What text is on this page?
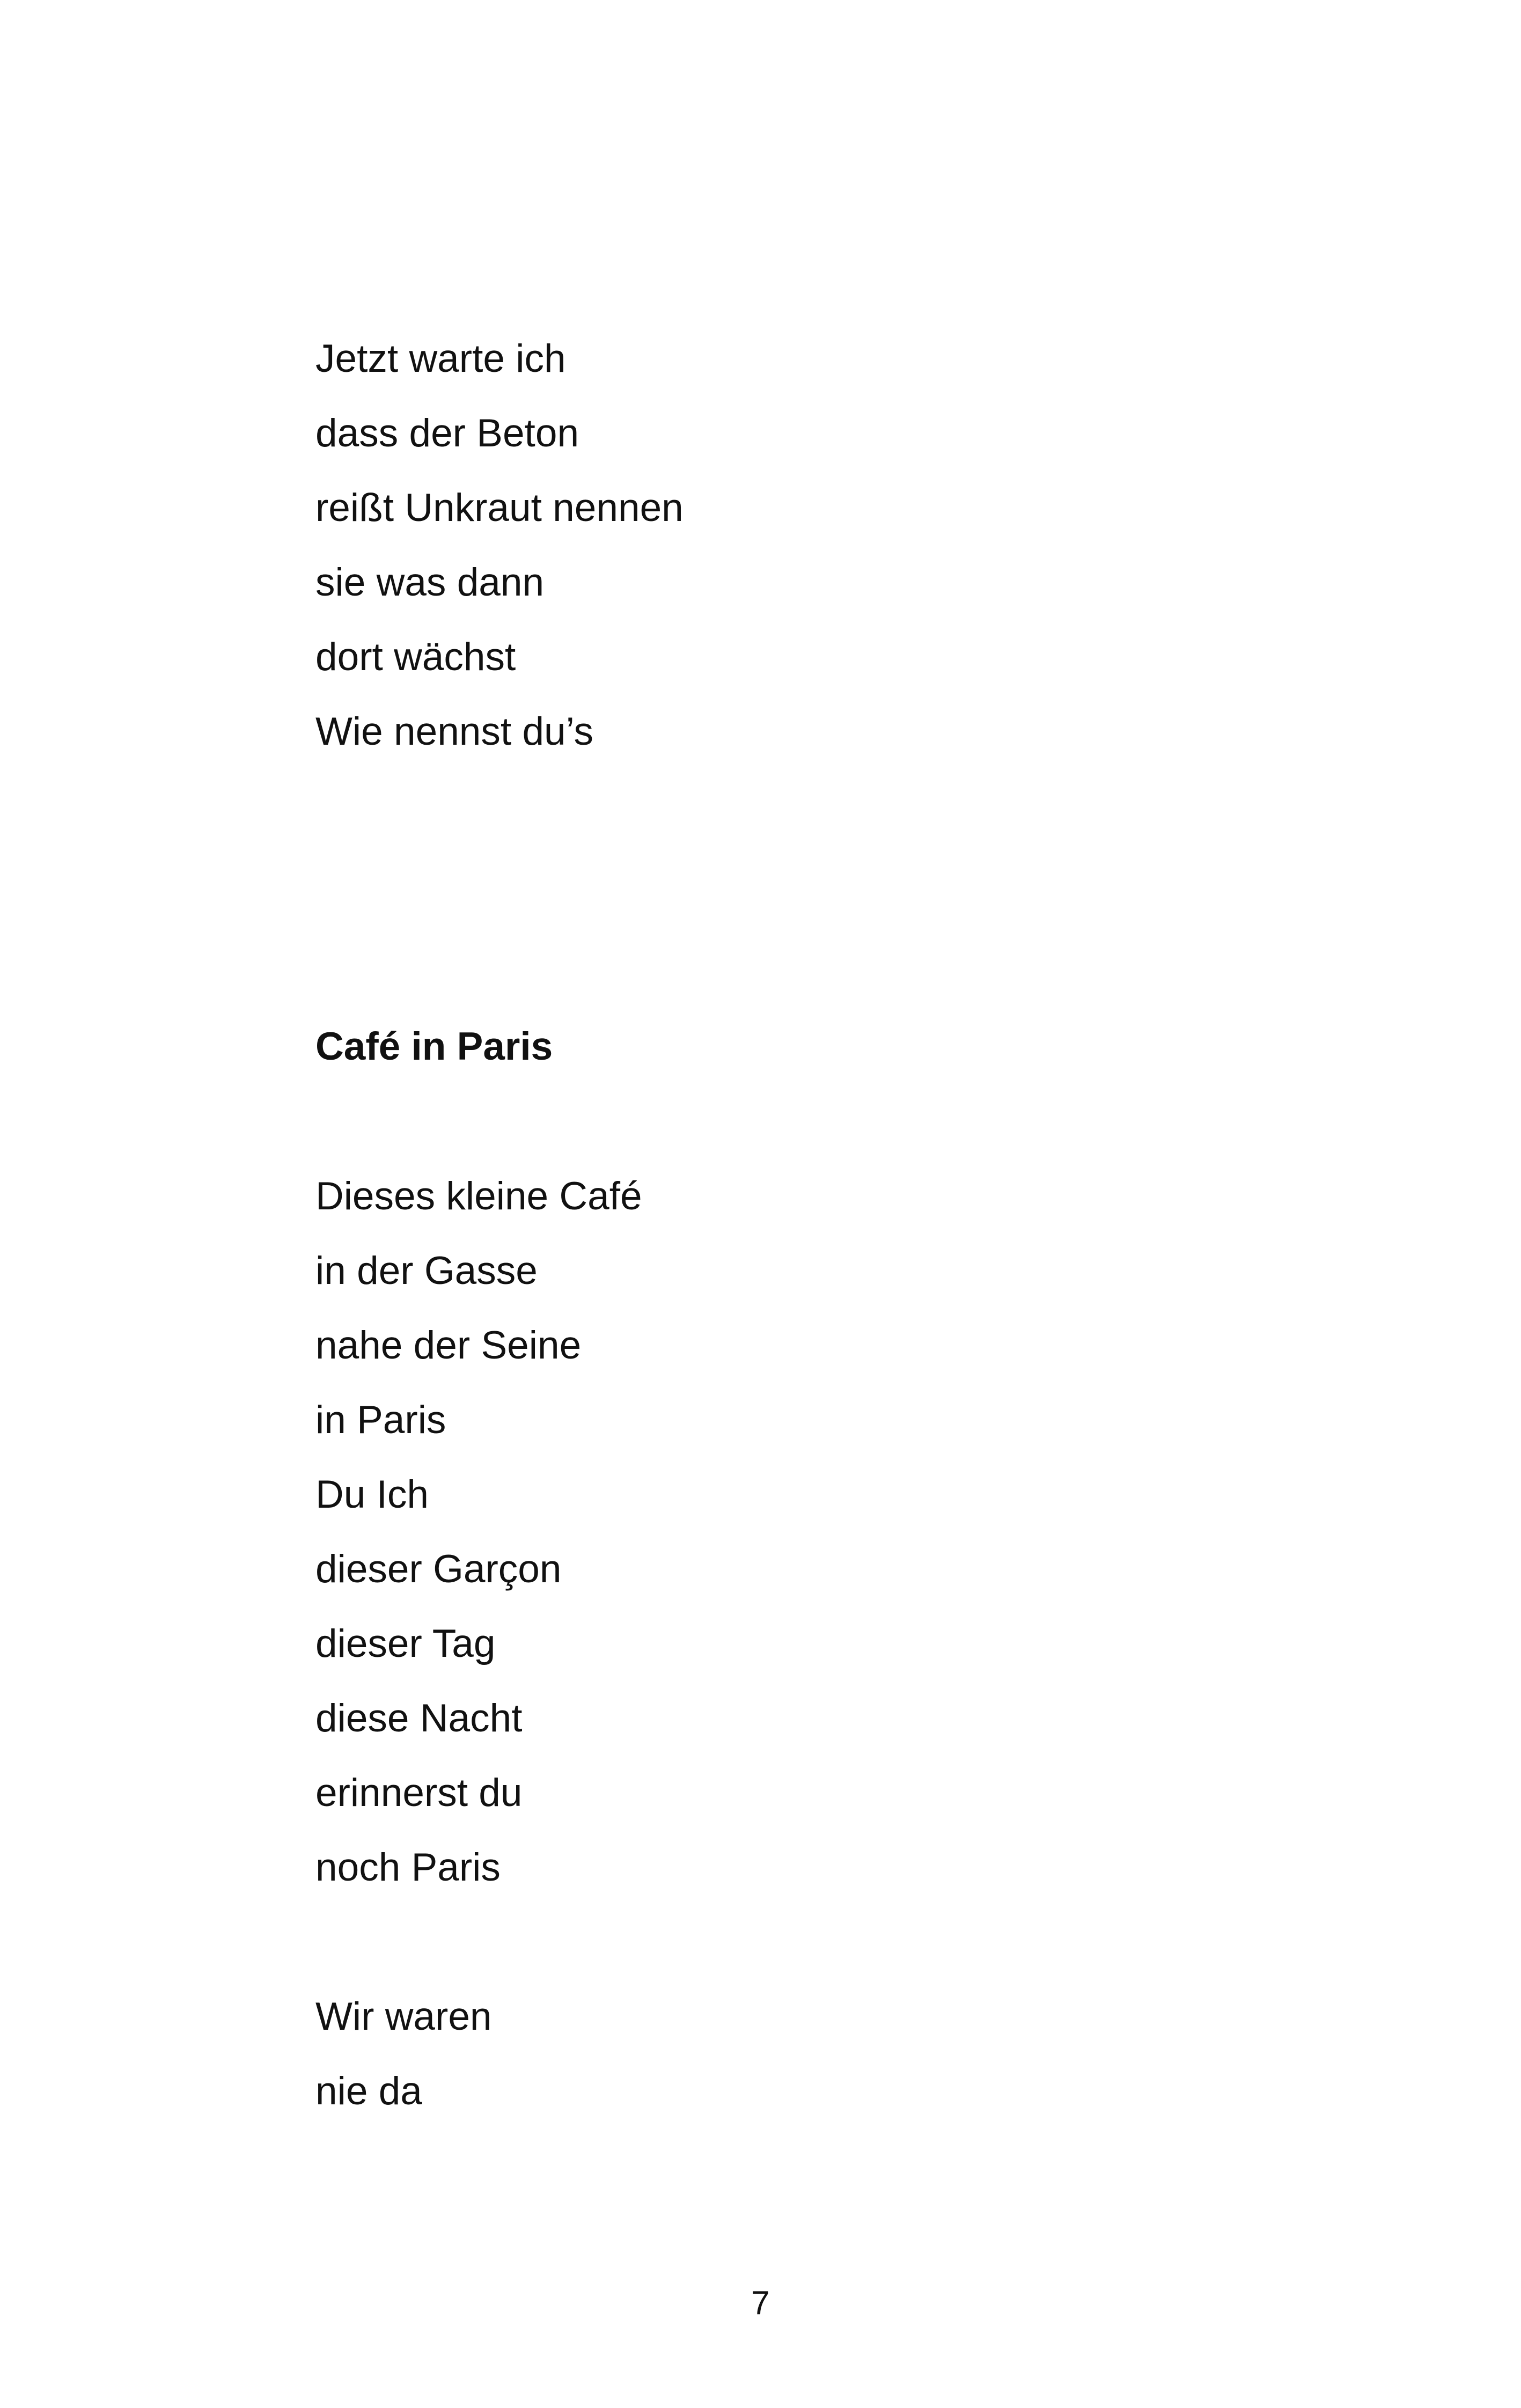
Jetzt warte ich
dass der Beton
reißt Unkraut nennen
sie was dann
dort wächst
Wie nennst du’s
Café in Paris
Dieses kleine Café
in der Gasse
nahe der Seine
in Paris
Du Ich
dieser Garçon
dieser Tag
diese Nacht
erinnerst du
noch Paris
Wir waren
nie da
7
